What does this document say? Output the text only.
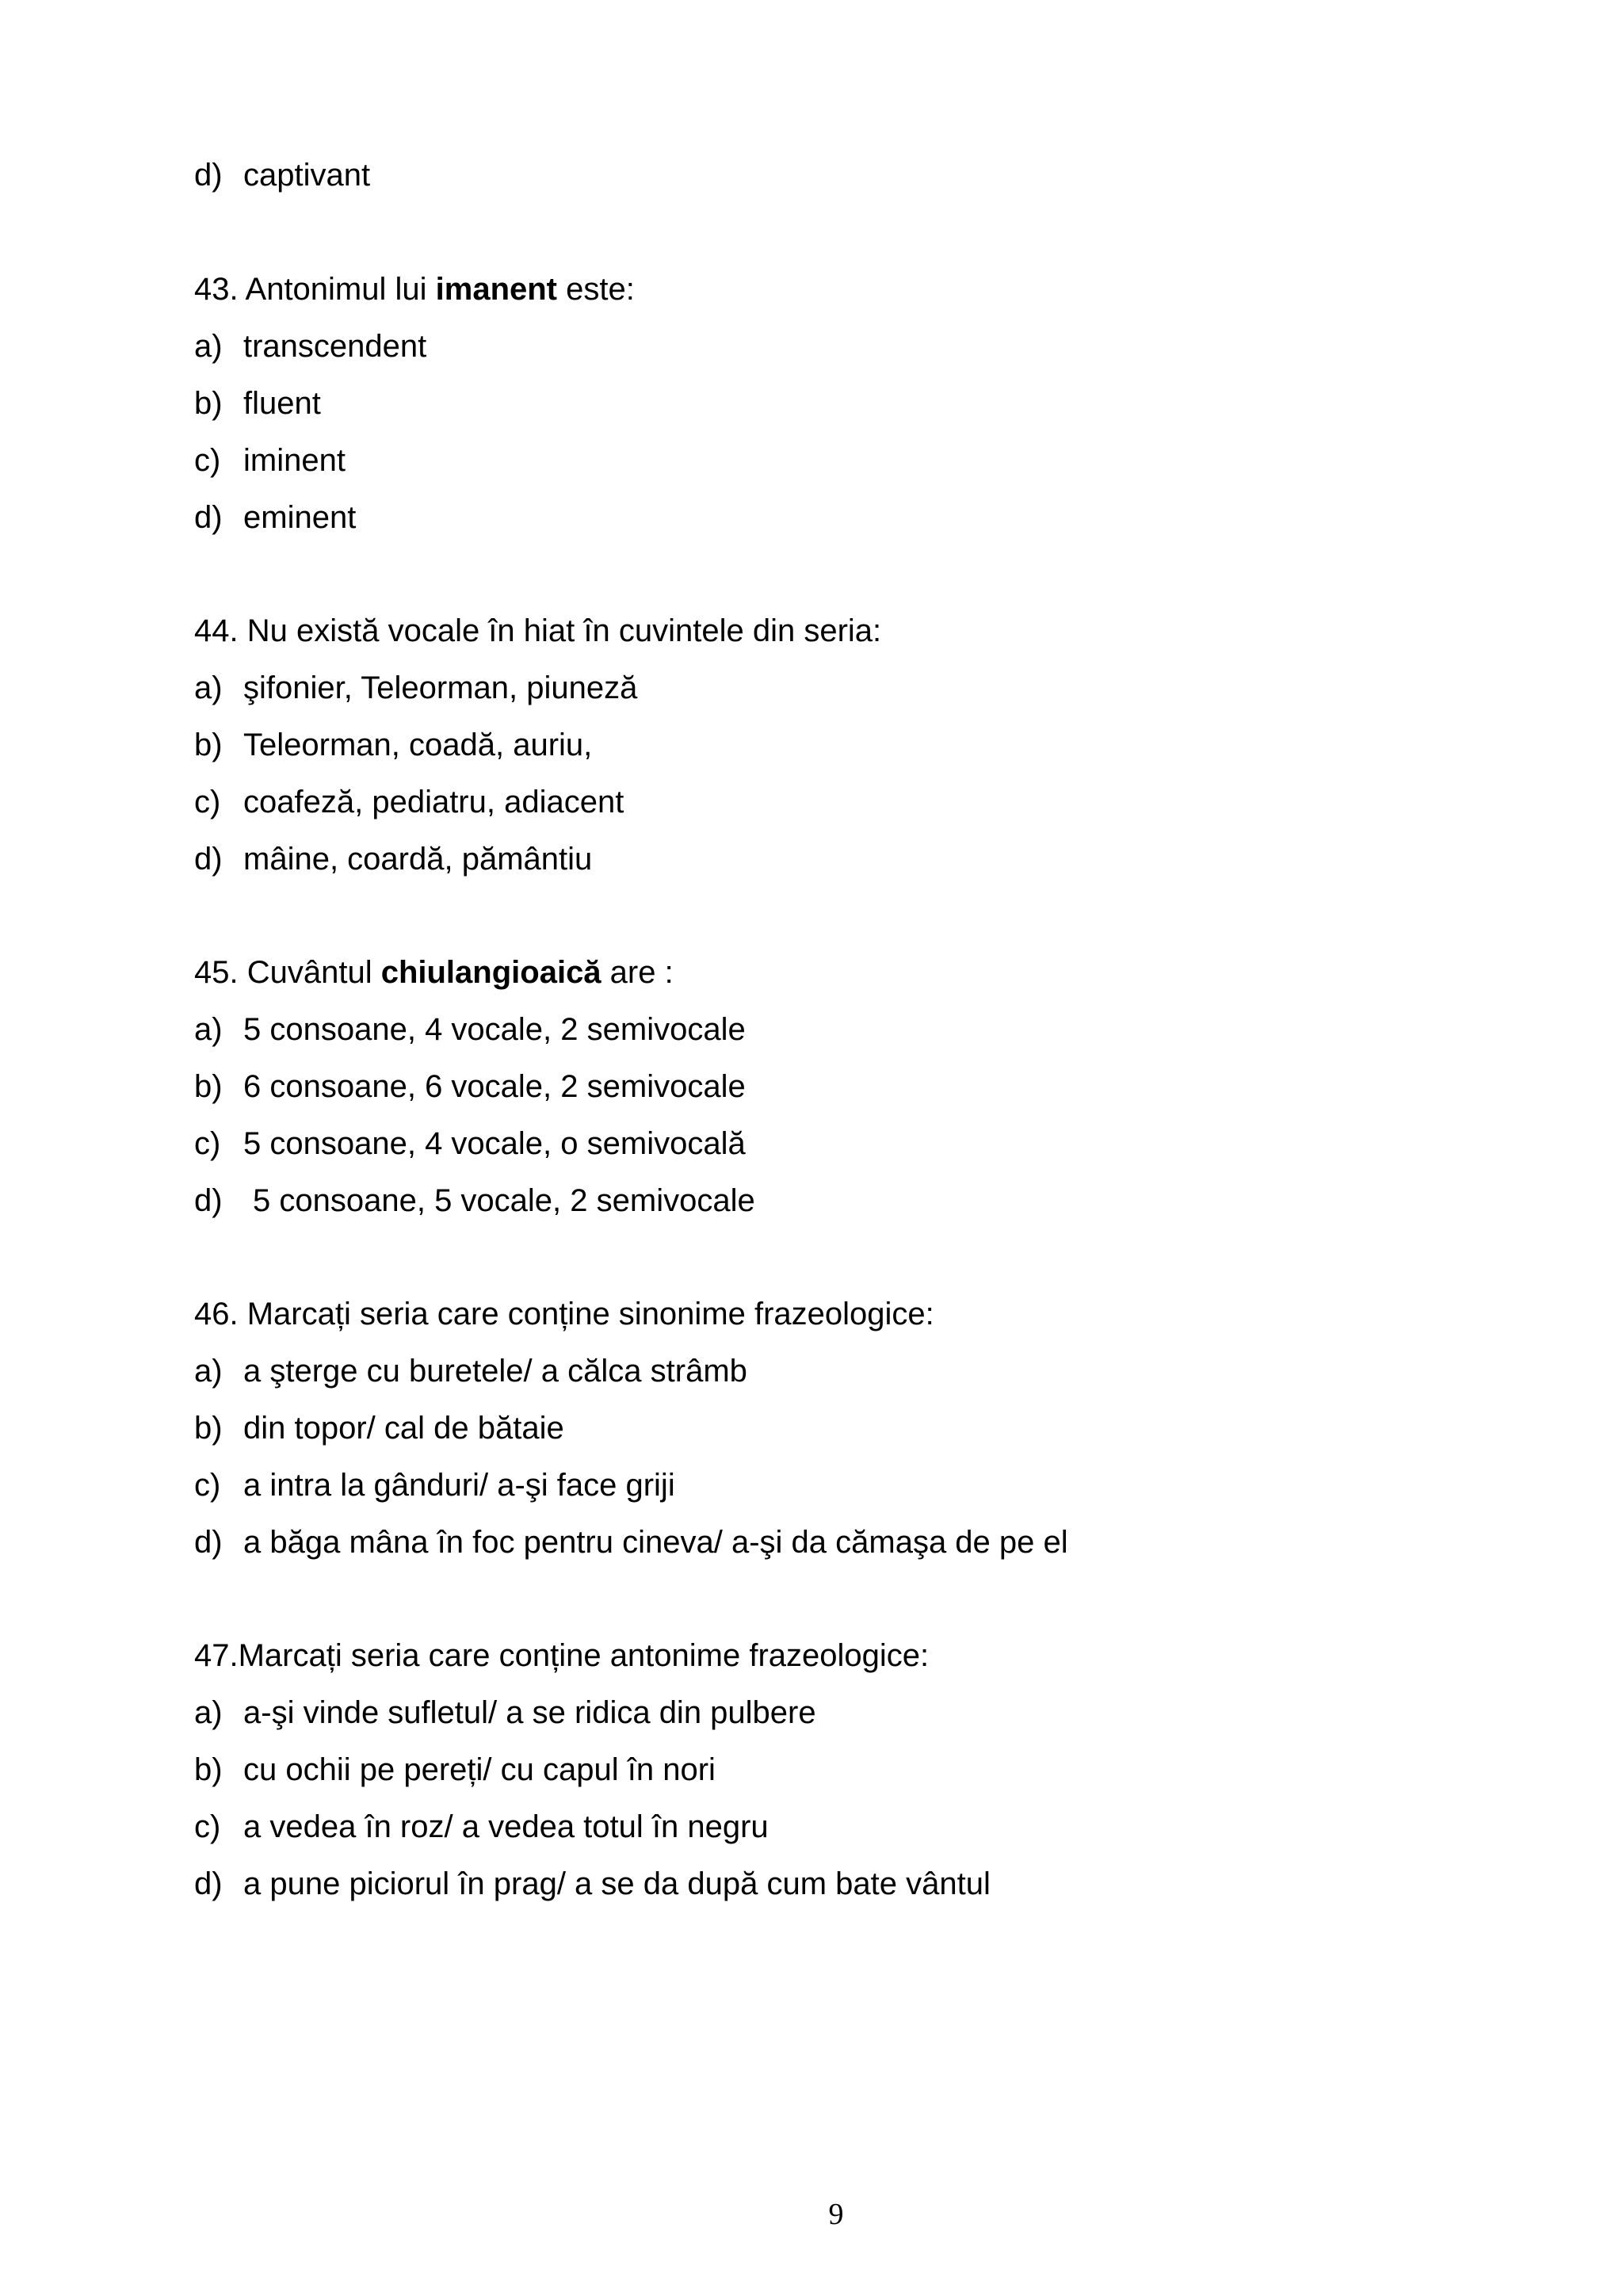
d) captivant
43. Antonimul lui imanent este:
a) transcendent
b) fluent
c) iminent
d) eminent
44. Nu există vocale în hiat în cuvintele din seria:
a) şifonier, Teleorman, piuneză
b) Teleorman, coadă, auriu,
c) coafeză, pediatru, adiacent
d) mâine, coardă, pământiu
45. Cuvântul chiulangioaică are :
a) 5 consoane, 4 vocale, 2 semivocale
b) 6 consoane, 6 vocale, 2 semivocale
c) 5 consoane, 4 vocale, o semivocală
d) 5 consoane, 5 vocale, 2 semivocale
46. Marcați seria care conține sinonime frazeologice:
a) a şterge cu buretele/ a călca strâmb
b) din topor/ cal de bătaie
c) a intra la gânduri/ a-şi face griji
d) a băga mâna în foc pentru cineva/ a-şi da cămaşa de pe el
47.Marcați seria care conține antonime frazeologice:
a) a-şi vinde sufletul/ a se ridica din pulbere
b) cu ochii pe pereți/ cu capul în nori
c) a vedea în roz/ a vedea totul în negru
d) a pune piciorul în prag/ a se da după cum bate vântul
9
